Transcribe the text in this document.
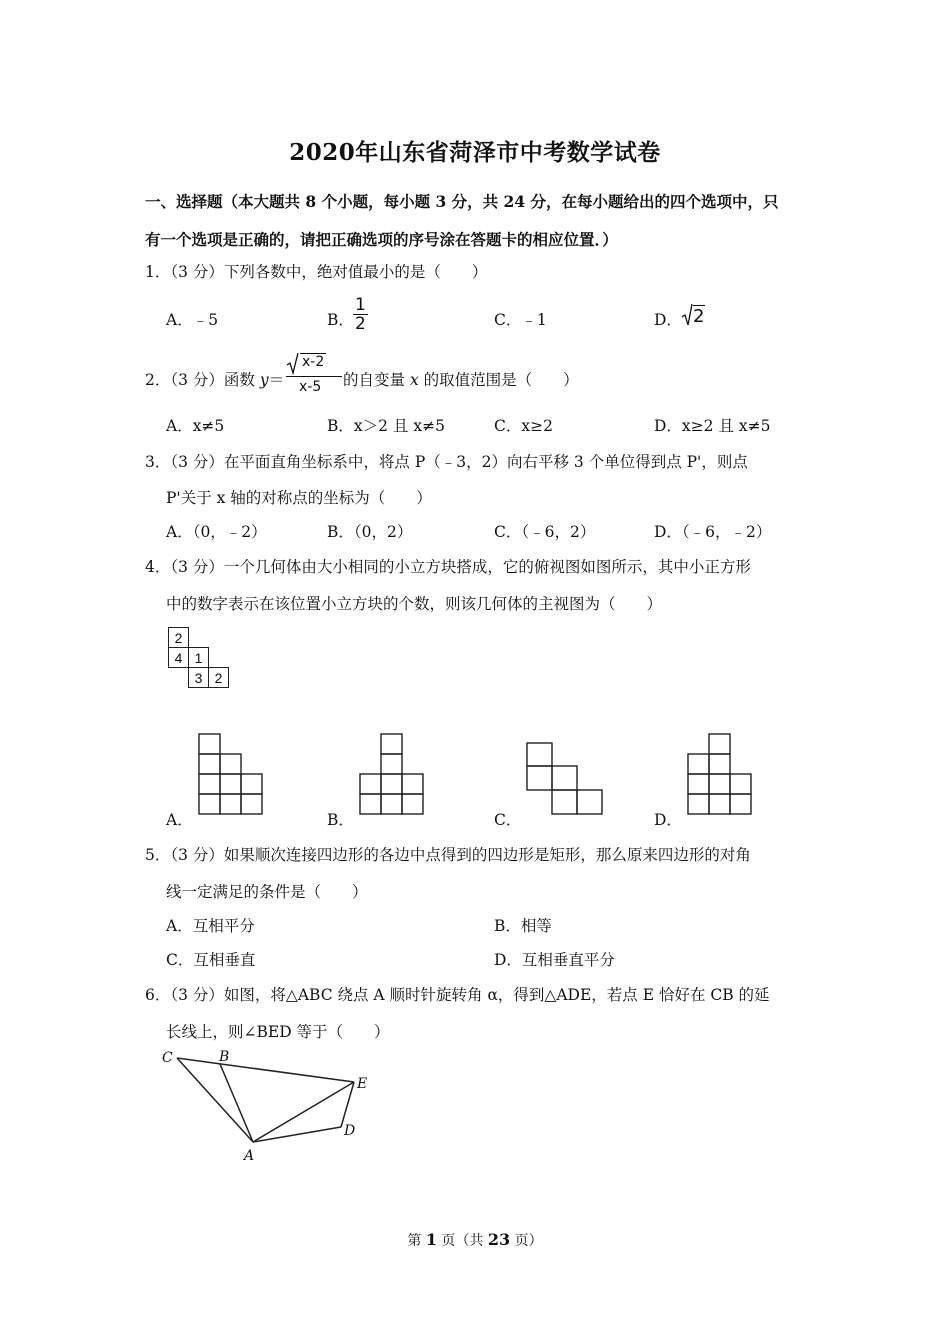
2020年山东省菏泽市中考数学试卷
一、选择题（本大题共 8 个小题，每小题 3 分，共 24 分，在每小题给出的四个选项中，只
有一个选项是正确的，请把正确选项的序号涂在答题卡的相应位置．）
1．（3 分）下列各数中，绝对值最小的是（　　）
A．﹣5	B． $\frac{1}{2}$	C．﹣1	D． 2
2．（3 分）函数 y＝
x-2
x-5 的自变量 x 的取值范围是（　　）
A．x≠5	B．x＞2 且 x≠5	C．x≥2	D．x≥2 且 x≠5
3．（3 分）在平面直角坐标系中，将点 P（﹣3，2）向右平移 3 个单位得到点 P'，则点
P'关于 x 轴的对称点的坐标为（　　）
A．（0，﹣2）	B．（0，2）	C．（﹣6，2）	D．（﹣6，﹣2）
4．（3 分）一个几何体由大小相同的小立方块搭成，它的俯视图如图所示，其中小正方形
中的数字表示在该位置小立方块的个数，则该几何体的主视图为（　　）
2		
4	1	
	3	2
A．	B．	C．	D．
5．（3 分）如果顺次连接四边形的各边中点得到的四边形是矩形，那么原来四边形的对角
线一定满足的条件是（　　）
A．互相平分	B．相等
C．互相垂直	D．互相垂直平分
6．（3 分）如图，将△ABC 绕点 A 顺时针旋转角 α，得到△ADE，若点 E 恰好在 CB 的延
长线上，则∠BED 等于（　　）
C	B
E
D
A
第 1 页（共 23 页）
